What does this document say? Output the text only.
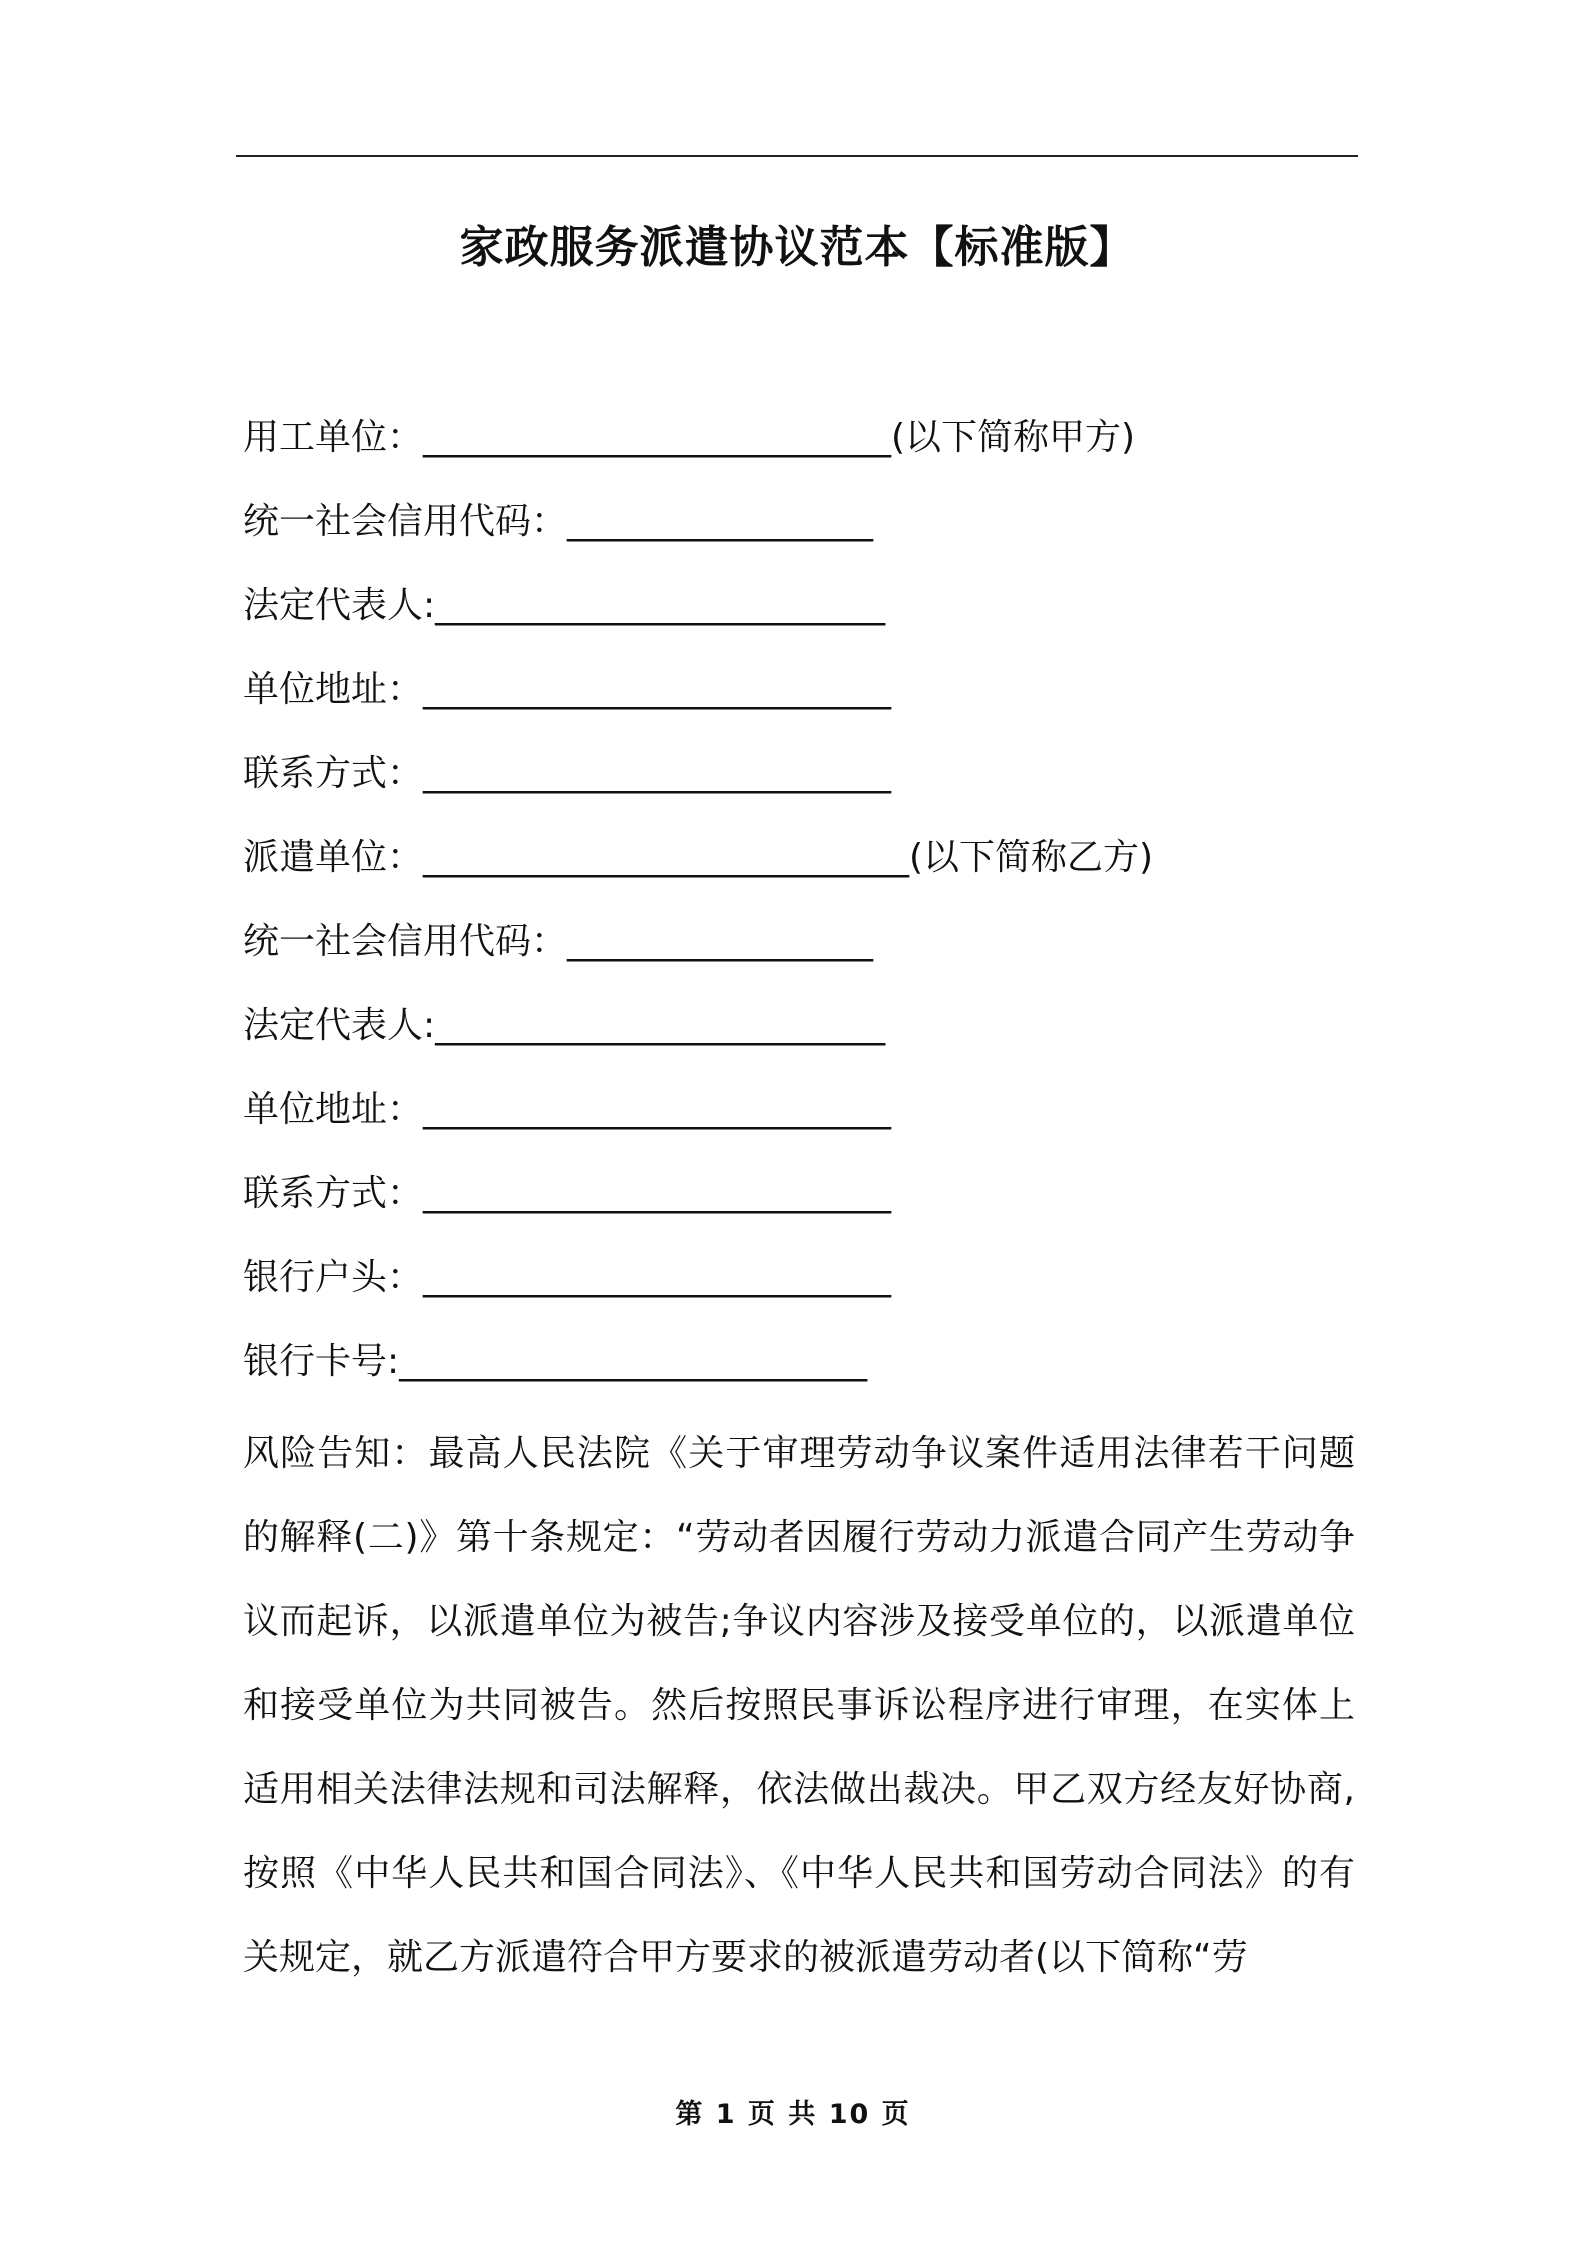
家政服务派遣协议范本【标准版】
用工单位：__________________________(以下简称甲方)
统一社会信用代码：_________________
法定代表人:_________________________
单位地址：__________________________
联系方式：__________________________
派遣单位：___________________________(以下简称乙方)
统一社会信用代码：_________________
法定代表人:_________________________
单位地址：__________________________
联系方式：__________________________
银行户头：__________________________
银行卡号:__________________________
风险告知：最高人民法院《关于审理劳动争议案件适用法律若干问题的解释(二)》第十条规定：“劳动者因履行劳动力派遣合同产生劳动争议而起诉，以派遣单位为被告;争议内容涉及接受单位的，以派遣单位和接受单位为共同被告。然后按照民事诉讼程序进行审理，在实体上适用相关法律法规和司法解释，依法做出裁决。甲乙双方经友好协商,按照《中华人民共和国合同法》、《中华人民共和国劳动合同法》的有关规定，就乙方派遣符合甲方要求的被派遣劳动者(以下简称“劳
第 1 页 共 10 页
